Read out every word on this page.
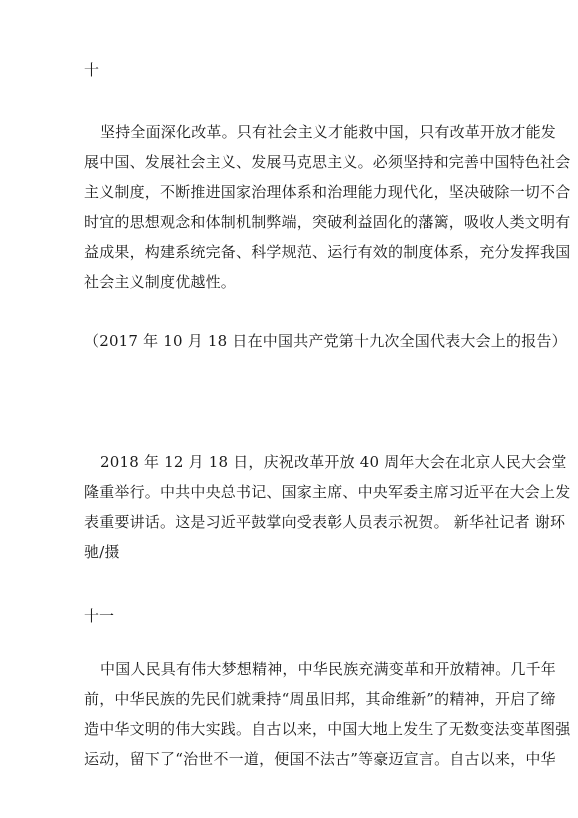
十
坚持全面深化改革。只有社会主义才能救中国，只有改革开放才能发
展中国、发展社会主义、发展马克思主义。必须坚持和完善中国特色社会
主义制度，不断推进国家治理体系和治理能力现代化，坚决破除一切不合
时宜的思想观念和体制机制弊端，突破利益固化的藩篱，吸收人类文明有
益成果，构建系统完备、科学规范、运行有效的制度体系，充分发挥我国
社会主义制度优越性。
（2017 年 10 月 18 日在中国共产党第十九次全国代表大会上的报告）
2018 年 12 月 18 日，庆祝改革开放 40 周年大会在北京人民大会堂
隆重举行。中共中央总书记、国家主席、中央军委主席习近平在大会上发
表重要讲话。这是习近平鼓掌向受表彰人员表示祝贺。 新华社记者 谢环
驰/摄
十一
中国人民具有伟大梦想精神，中华民族充满变革和开放精神。几千年
前，中华民族的先民们就秉持“周虽旧邦，其命维新”的精神，开启了缔
造中华文明的伟大实践。自古以来，中国大地上发生了无数变法变革图强
运动，留下了“治世不一道，便国不法古”等豪迈宣言。自古以来，中华
